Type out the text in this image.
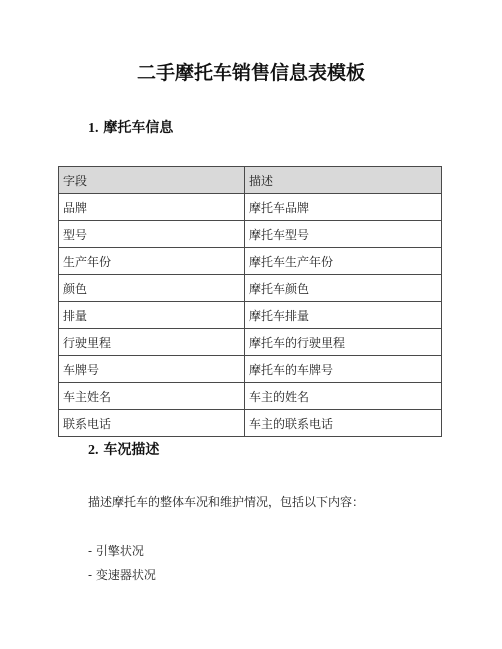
二手摩托车销售信息表模板
1. 摩托车信息
字段	描述
品牌	摩托车品牌
型号	摩托车型号
生产年份	摩托车生产年份
颜色	摩托车颜色
排量	摩托车排量
行驶里程	摩托车的行驶里程
车牌号	摩托车的车牌号
车主姓名	车主的姓名
联系电话	车主的联系电话
2. 车况描述

描述摩托车的整体车况和维护情况，包括以下内容：

- 引擎状况

- 变速器状况
